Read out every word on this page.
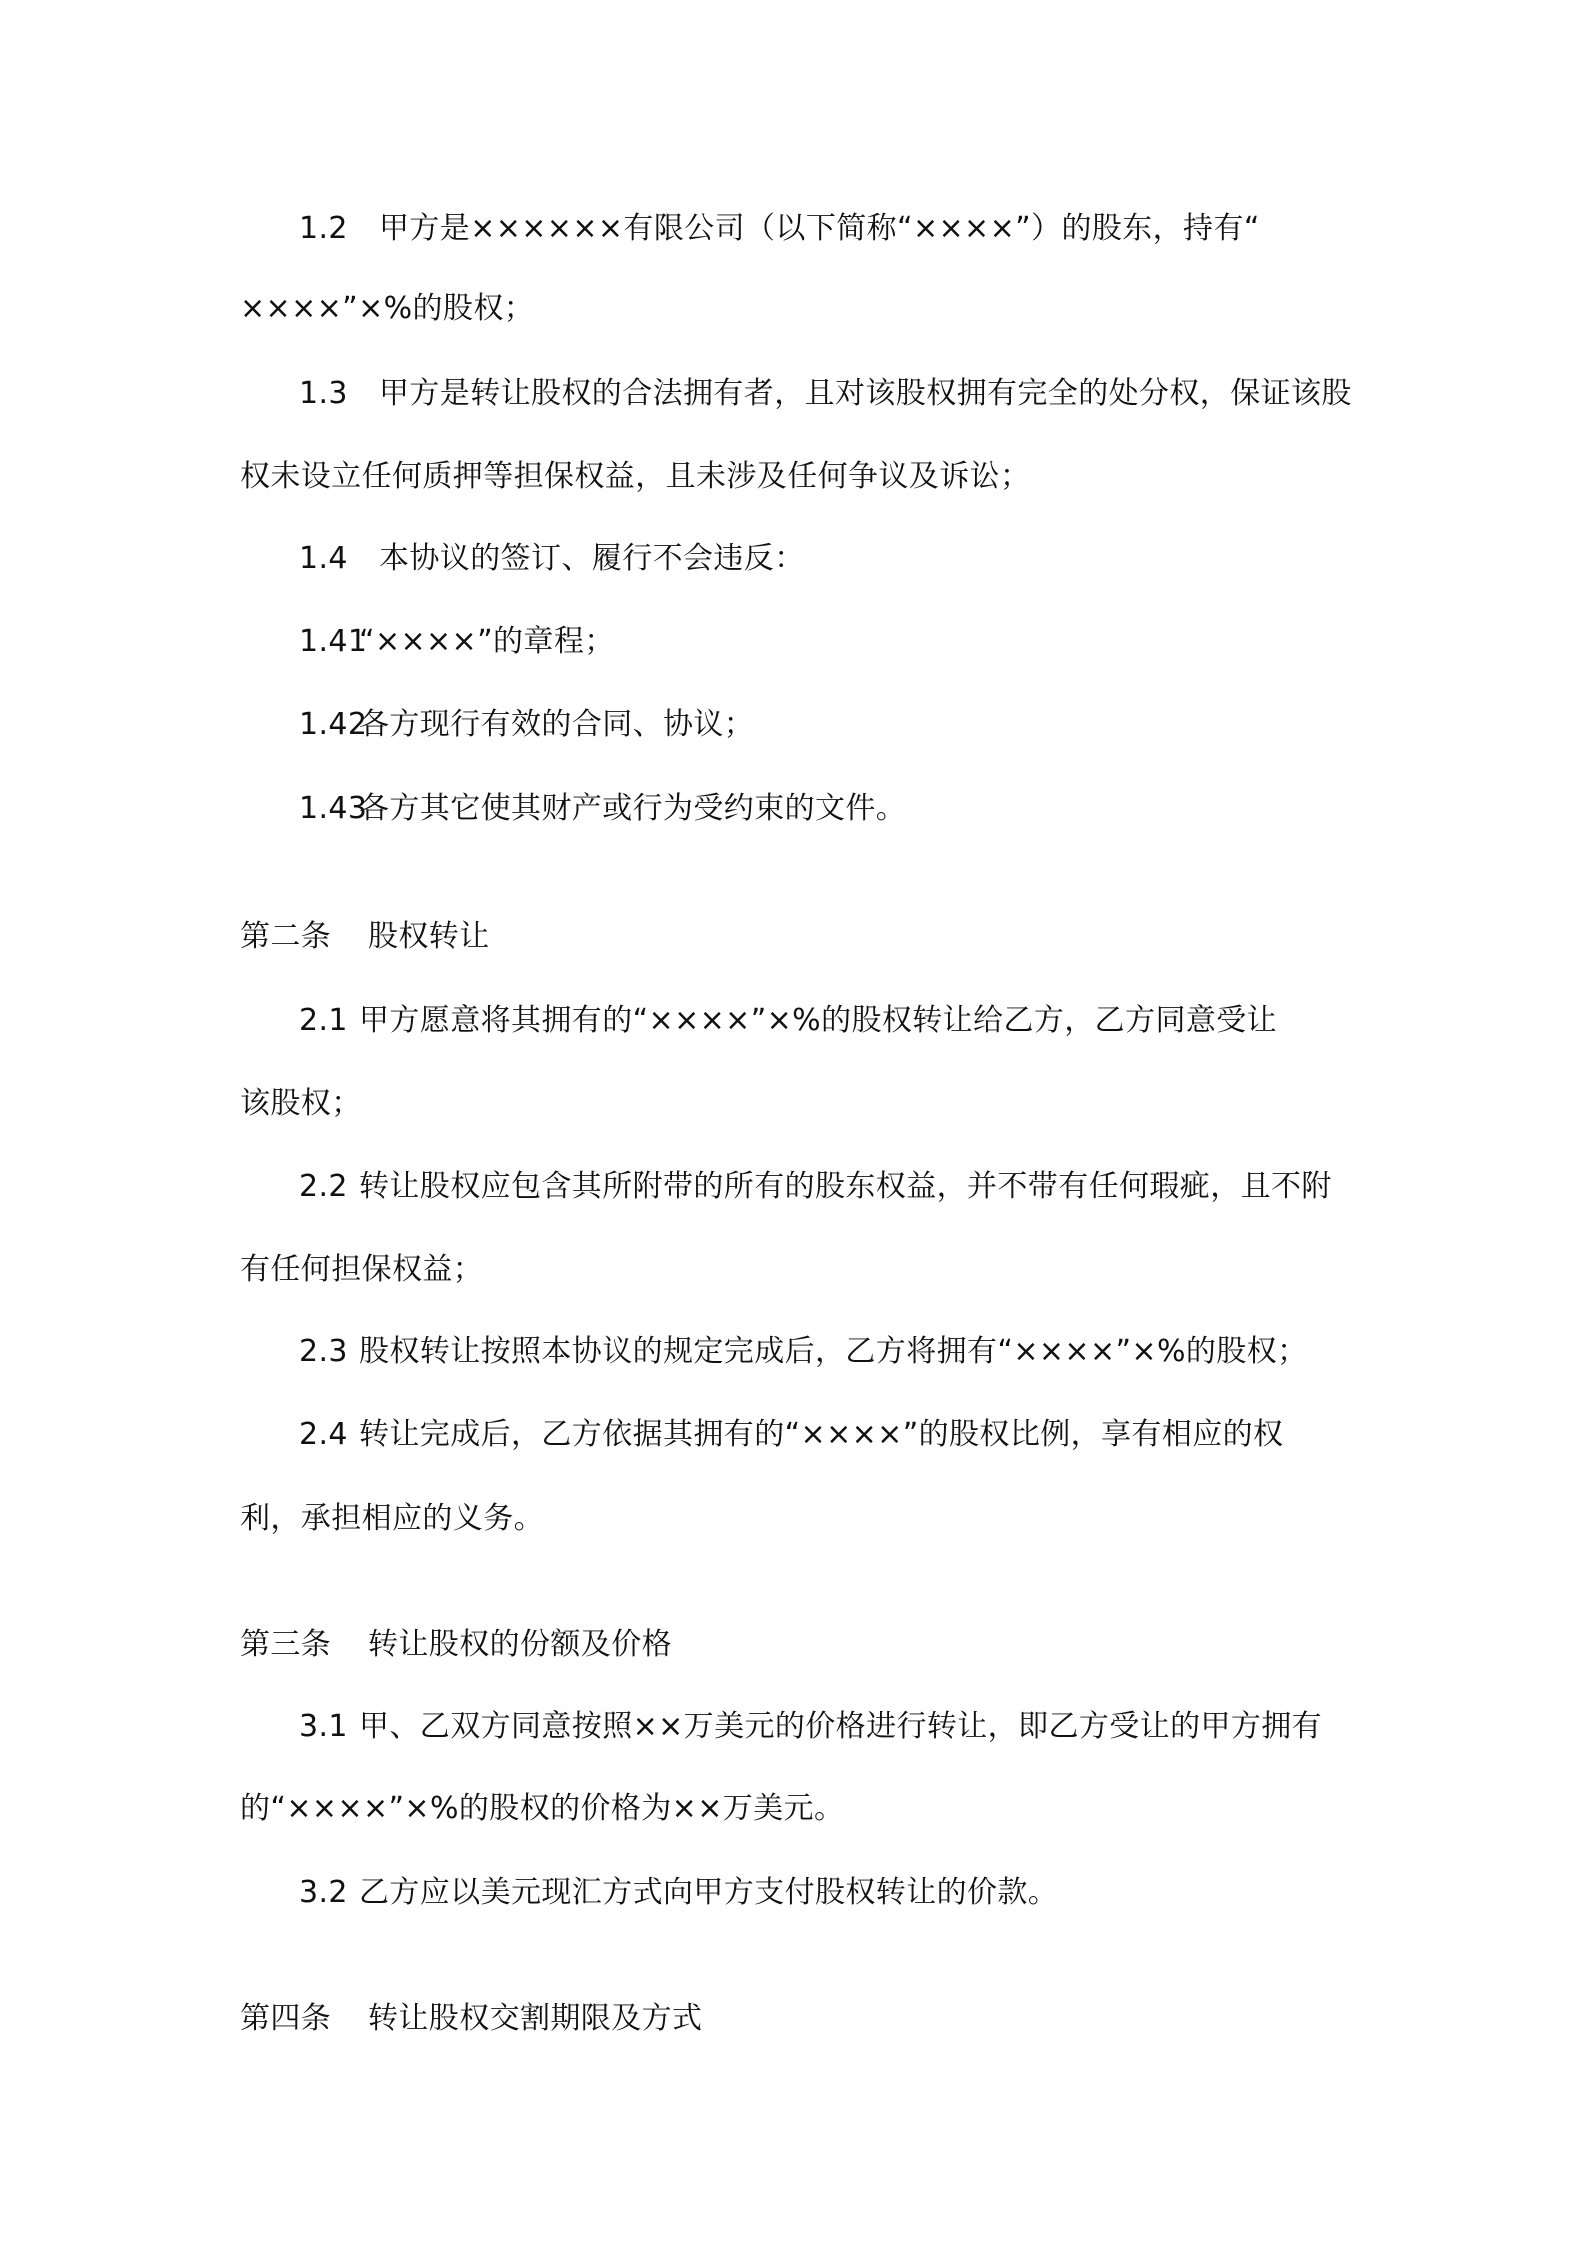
1.2 甲方是××××××有限公司（以下简称“××××”）的股东，持有“

××××”×%的股权；

1.3 甲方是转让股权的合法拥有者，且对该股权拥有完全的处分权，保证该股

权未设立任何质押等担保权益，且未涉及任何争议及诉讼；

1.4 本协议的签订、履行不会违反：

1.41“××××”的章程；

1.42各方现行有效的合同、协议；

1.43各方其它使其财产或行为受约束的文件。

第二条 股权转让

2.1 甲方愿意将其拥有的“××××”×%的股权转让给乙方，乙方同意受让

该股权；

2.2 转让股权应包含其所附带的所有的股东权益，并不带有任何瑕疵，且不附

有任何担保权益；

2.3 股权转让按照本协议的规定完成后，乙方将拥有“××××”×%的股权；

2.4 转让完成后，乙方依据其拥有的“××××”的股权比例，享有相应的权

利，承担相应的义务。

第三条 转让股权的份额及价格

3.1 甲、乙双方同意按照××万美元的价格进行转让，即乙方受让的甲方拥有

的“××××”×%的股权的价格为××万美元。

3.2 乙方应以美元现汇方式向甲方支付股权转让的价款。

第四条 转让股权交割期限及方式
